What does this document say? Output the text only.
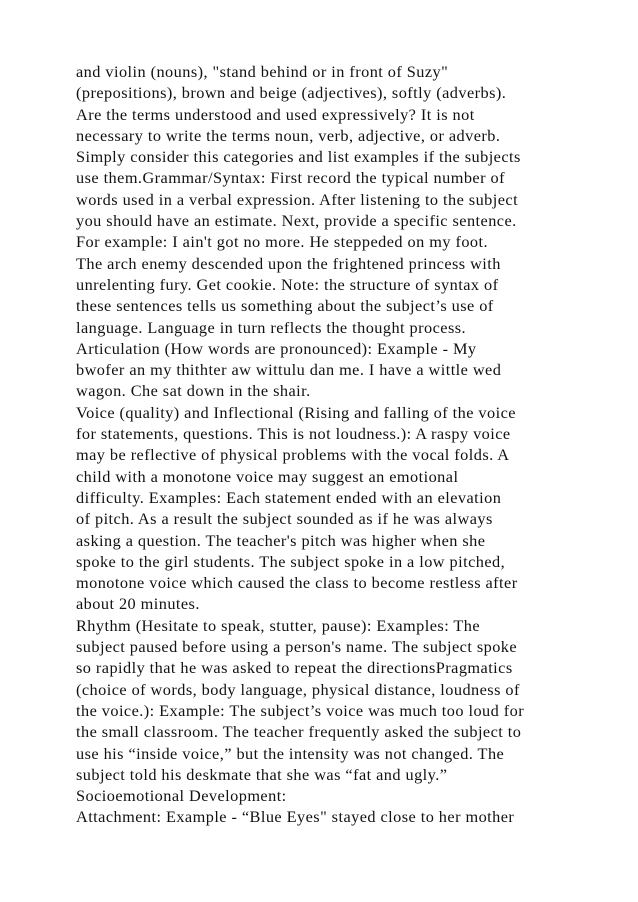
and violin (nouns), "stand behind or in front of Suzy"
(prepositions), brown and beige (adjectives), softly (adverbs).
Are the terms understood and used expressively? It is not
necessary to write the terms noun, verb, adjective, or adverb.
Simply consider this categories and list examples if the subjects
use them.Grammar/Syntax: First record the typical number of
words used in a verbal expression. After listening to the subject
you should have an estimate. Next, provide a specific sentence.
For example: I ain't got no more. He steppeded on my foot.
The arch enemy descended upon the frightened princess with
unrelenting fury. Get cookie. Note: the structure of syntax of
these sentences tells us something about the subject’s use of
language. Language in turn reflects the thought process.
Articulation (How words are pronounced): Example - My
bwofer an my thithter aw wittulu dan me. I have a wittle wed
wagon. Che sat down in the shair.
Voice (quality) and Inflectional (Rising and falling of the voice
for statements, questions. This is not loudness.): A raspy voice
may be reflective of physical problems with the vocal folds. A
child with a monotone voice may suggest an emotional
difficulty. Examples: Each statement ended with an elevation
of pitch. As a result the subject sounded as if he was always
asking a question. The teacher's pitch was higher when she
spoke to the girl students. The subject spoke in a low pitched,
monotone voice which caused the class to become restless after
about 20 minutes.
Rhythm (Hesitate to speak, stutter, pause): Examples: The
subject paused before using a person's name. The subject spoke
so rapidly that he was asked to repeat the directionsPragmatics
(choice of words, body language, physical distance, loudness of
the voice.): Example: The subject’s voice was much too loud for
the small classroom. The teacher frequently asked the subject to
use his “inside voice,” but the intensity was not changed. The
subject told his deskmate that she was “fat and ugly.”
Socioemotional Development:
Attachment: Example - “Blue Eyes" stayed close to her mother
